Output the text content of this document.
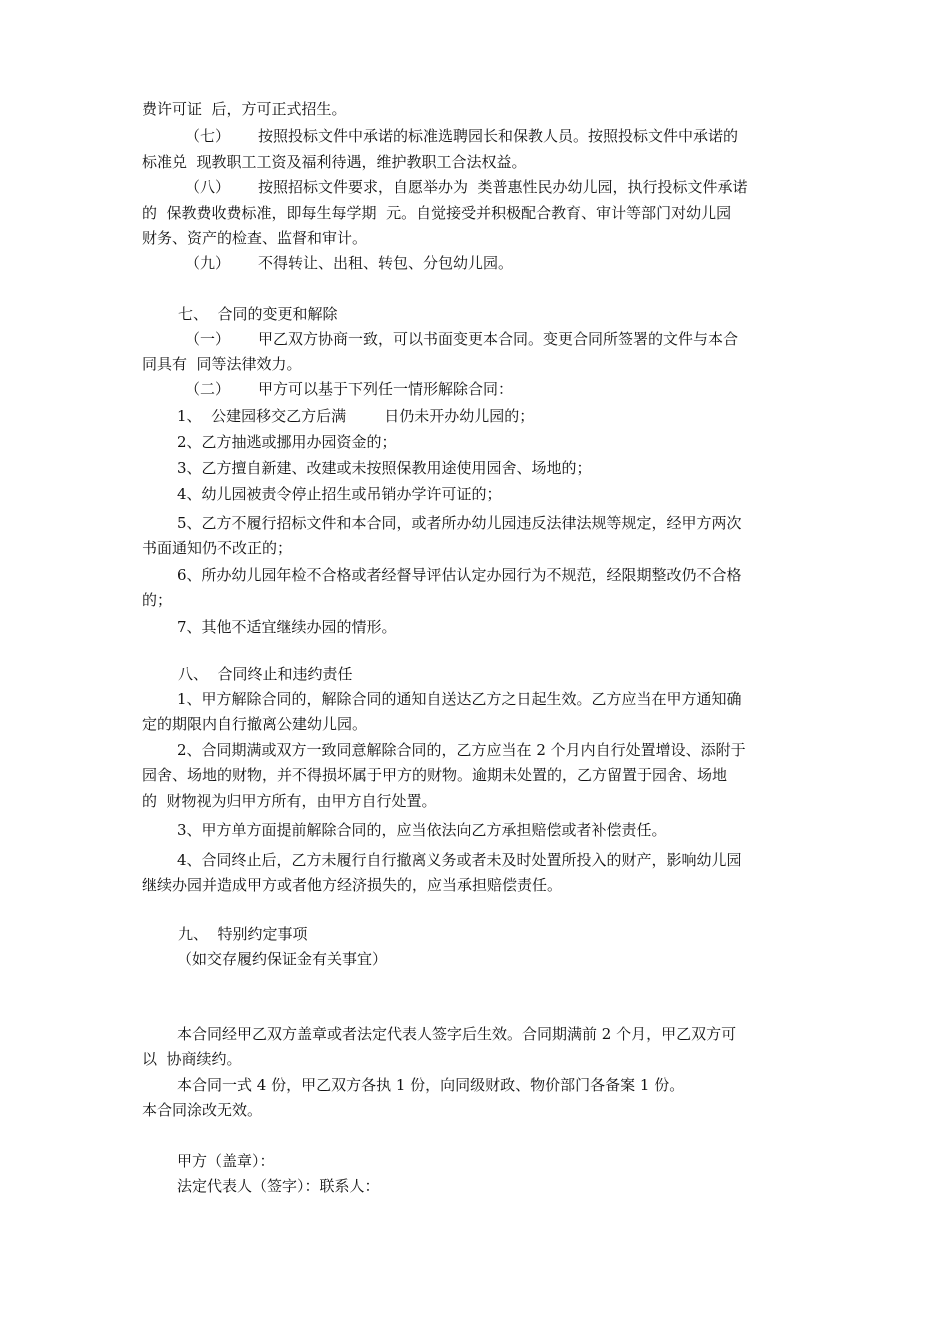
费许可证  后，方可正式招生。
（七） 按照投标文件中承诺的标准选聘园长和保教人员。按照投标文件中承诺的
标准兑  现教职工工资及福利待遇，维护教职工合法权益。
（八） 按照招标文件要求，自愿举办为  类普惠性民办幼儿园，执行投标文件承诺
的  保教费收费标准，即每生每学期  元。自觉接受并积极配合教育、审计等部门对幼儿园
财务、资产的检查、监督和审计。
（九） 不得转让、出租、转包、分包幼儿园。
七、  合同的变更和解除
（一） 甲乙双方协商一致，可以书面变更本合同。变更合同所签署的文件与本合
同具有  同等法律效力。
（二） 甲方可以基于下列任一情形解除合同：
1、  公建园移交乙方后满        日仍未开办幼儿园的；
2、乙方抽逃或挪用办园资金的；
3、乙方擅自新建、改建或未按照保教用途使用园舍、场地的；
4、幼儿园被责令停止招生或吊销办学许可证的；
5、乙方不履行招标文件和本合同，或者所办幼儿园违反法律法规等规定，经甲方两次
书面通知仍不改正的；
6、所办幼儿园年检不合格或者经督导评估认定办园行为不规范，经限期整改仍不合格
的；
7、其他不适宜继续办园的情形。
八、  合同终止和违约责任
1、甲方解除合同的，解除合同的通知自送达乙方之日起生效。乙方应当在甲方通知确
定的期限内自行撤离公建幼儿园。
2、合同期满或双方一致同意解除合同的，乙方应当在 2 个月内自行处置增设、添附于
园舍、场地的财物，并不得损坏属于甲方的财物。逾期未处置的，乙方留置于园舍、场地
的  财物视为归甲方所有，由甲方自行处置。
3、甲方单方面提前解除合同的，应当依法向乙方承担赔偿或者补偿责任。
4、合同终止后，乙方未履行自行撤离义务或者未及时处置所投入的财产，影响幼儿园
继续办园并造成甲方或者他方经济损失的，应当承担赔偿责任。
九、  特别约定事项
（如交存履约保证金有关事宜）
本合同经甲乙双方盖章或者法定代表人签字后生效。合同期满前 2 个月，甲乙双方可
以  协商续约。
本合同一式 4 份，甲乙双方各执 1 份，向同级财政、物价部门各备案 1 份。
本合同涂改无效。
甲方（盖章）：
法定代表人（签字）：联系人：
